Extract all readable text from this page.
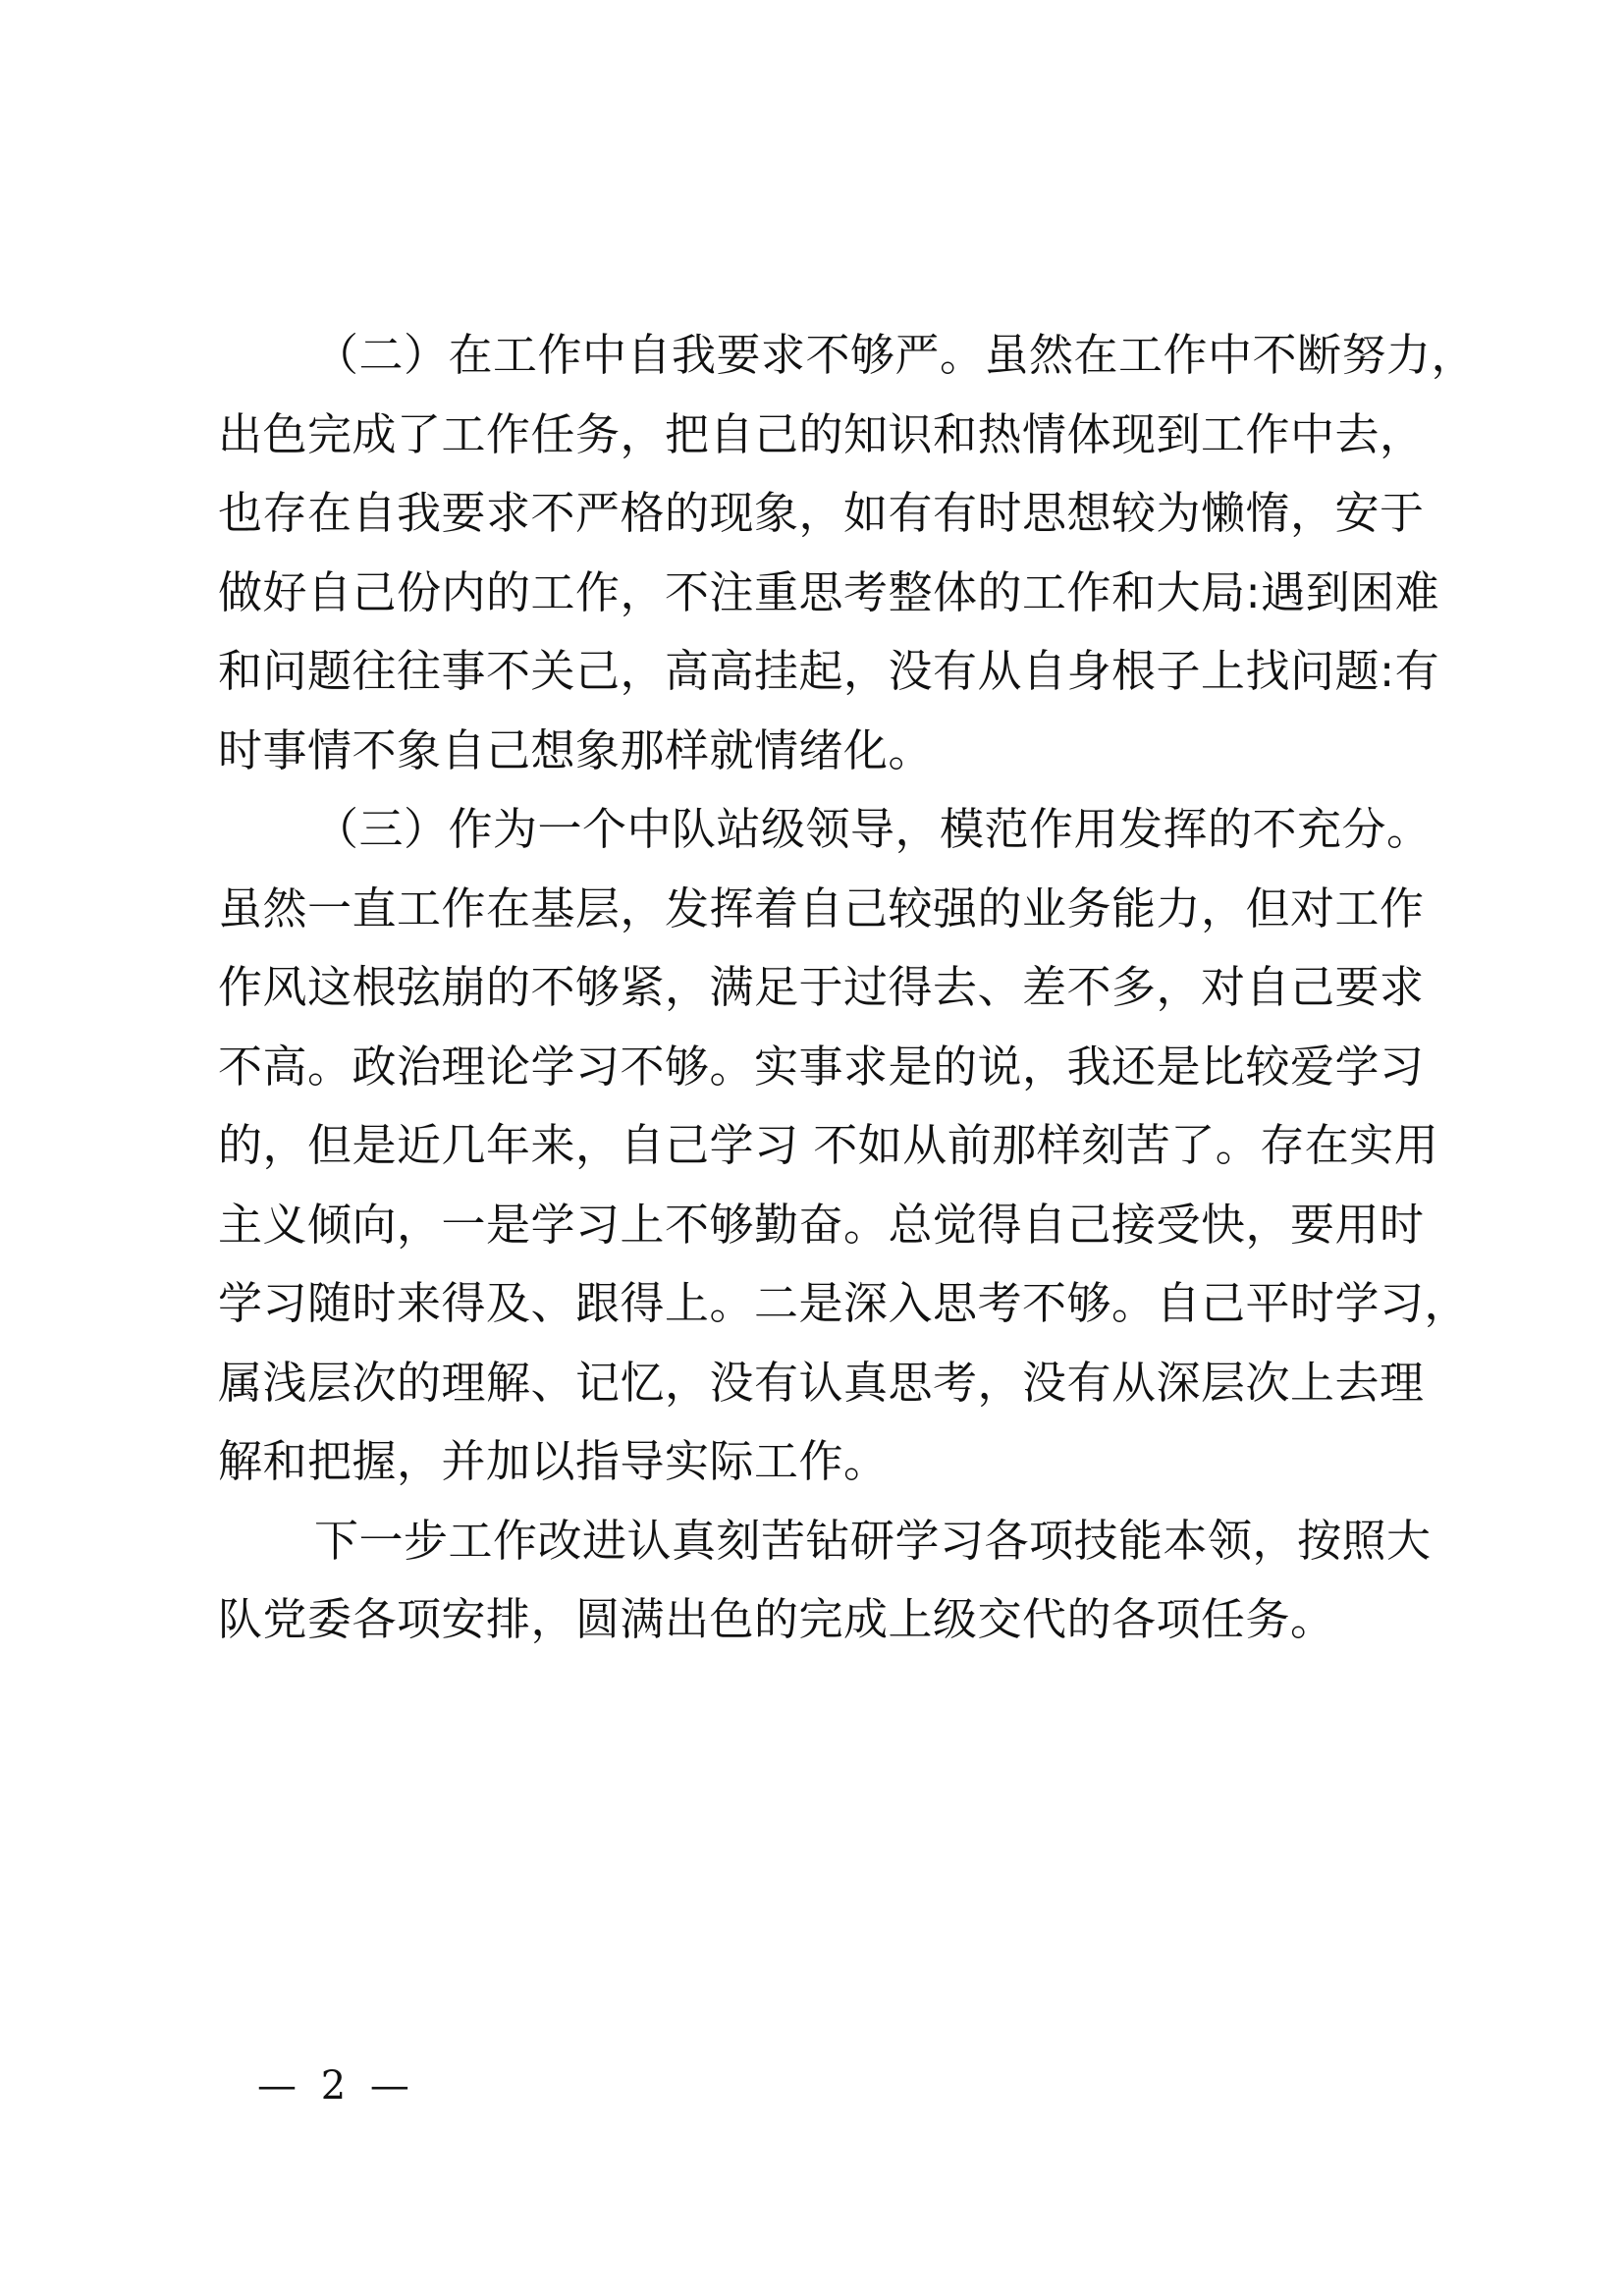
（二）在工作中自我要求不够严。虽然在工作中不断努力，
出色完成了工作任务，把自己的知识和热情体现到工作中去，
也存在自我要求不严格的现象，如有有时思想较为懒惰，安于
做好自己份内的工作，不注重思考整体的工作和大局:遇到困难
和问题往往事不关己，高高挂起，没有从自身根子上找问题:有
时事情不象自己想象那样就情绪化。
（三）作为一个中队站级领导，模范作用发挥的不充分。
虽然一直工作在基层，发挥着自己较强的业务能力，但对工作
作风这根弦崩的不够紧，满足于过得去、差不多，对自己要求
不高。政治理论学习不够。实事求是的说，我还是比较爱学习
的，但是近几年来，自己学习 不如从前那样刻苦了。存在实用
主义倾向，一是学习上不够勤奋。总觉得自己接受快，要用时
学习随时来得及、跟得上。二是深入思考不够。自己平时学习，
属浅层次的理解、记忆，没有认真思考，没有从深层次上去理
解和把握，并加以指导实际工作。
下一步工作改进认真刻苦钻研学习各项技能本领，按照大
队党委各项安排，圆满出色的完成上级交代的各项任务。
— 2 —
